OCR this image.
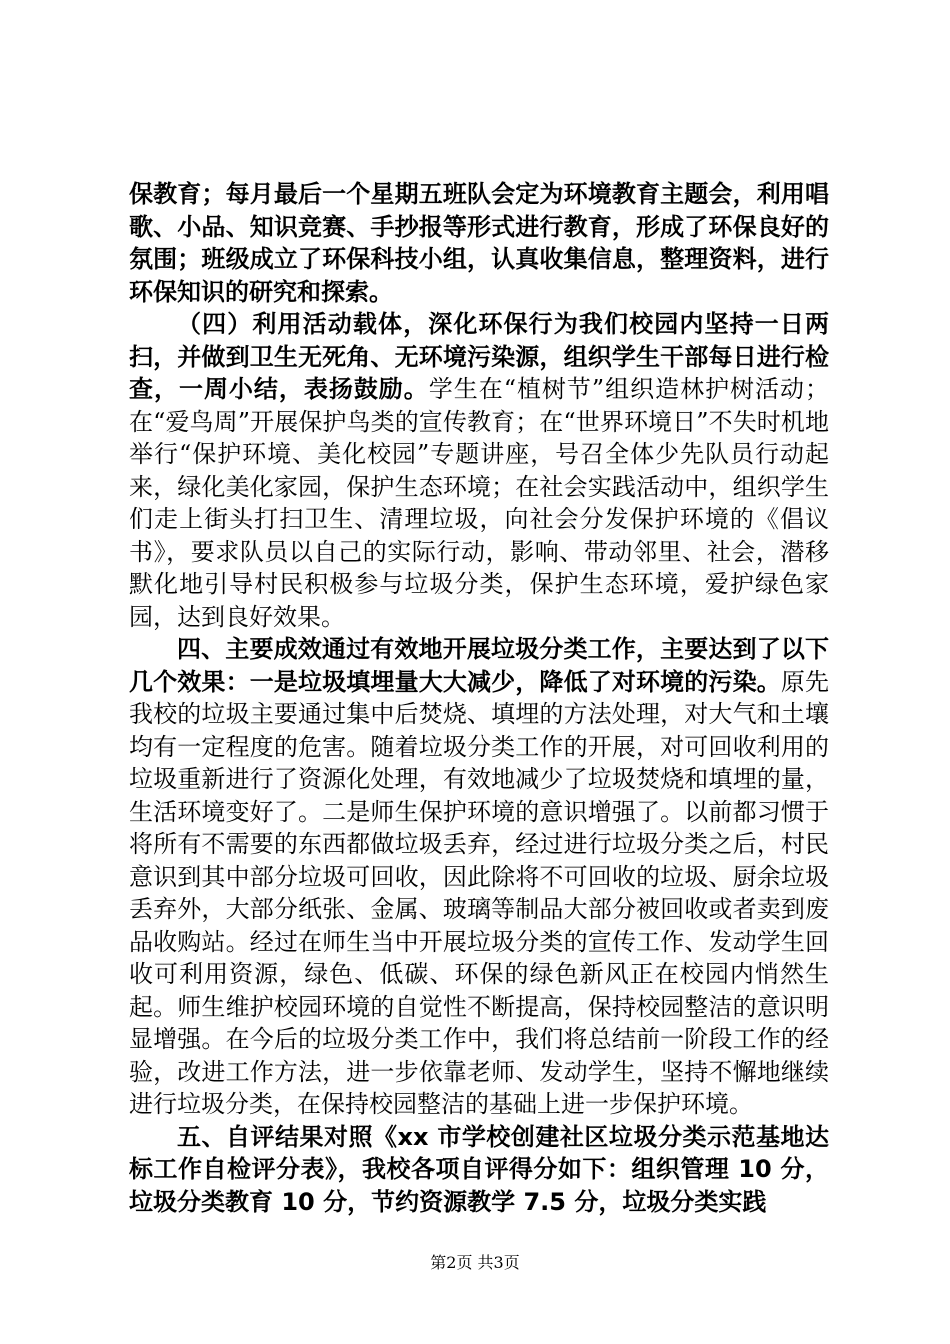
保教育；每月最后一个星期五班队会定为环境教育主题会，利用唱歌、小品、知识竞赛、手抄报等形式进行教育，形成了环保良好的氛围；班级成立了环保科技小组，认真收集信息，整理资料，进行环保知识的研究和探索。

（四）利用活动载体，深化环保行为我们校园内坚持一日两扫，并做到卫生无死角、无环境污染源，组织学生干部每日进行检查，一周小结，表扬鼓励。学生在“植树节”组织造林护树活动；在“爱鸟周”开展保护鸟类的宣传教育；在“世界环境日”不失时机地举行“保护环境、美化校园”专题讲座，号召全体少先队员行动起来，绿化美化家园，保护生态环境；在社会实践活动中，组织学生们走上街头打扫卫生、清理垃圾，向社会分发保护环境的《倡议书》，要求队员以自己的实际行动，影响、带动邻里、社会，潜移默化地引导村民积极参与垃圾分类，保护生态环境，爱护绿色家园，达到良好效果。

四、主要成效通过有效地开展垃圾分类工作，主要达到了以下几个效果：一是垃圾填埋量大大减少，降低了对环境的污染。原先我校的垃圾主要通过集中后焚烧、填埋的方法处理，对大气和土壤均有一定程度的危害。随着垃圾分类工作的开展，对可回收利用的垃圾重新进行了资源化处理，有效地减少了垃圾焚烧和填埋的量，生活环境变好了。二是师生保护环境的意识增强了。以前都习惯于将所有不需要的东西都做垃圾丢弃，经过进行垃圾分类之后，村民意识到其中部分垃圾可回收，因此除将不可回收的垃圾、厨余垃圾丢弃外，大部分纸张、金属、玻璃等制品大部分被回收或者卖到废品收购站。经过在师生当中开展垃圾分类的宣传工作、发动学生回收可利用资源，绿色、低碳、环保的绿色新风正在校园内悄然生起。师生维护校园环境的自觉性不断提高，保持校园整洁的意识明显增强。在今后的垃圾分类工作中，我们将总结前一阶段工作的经验，改进工作方法，进一步依靠老师、发动学生，坚持不懈地继续进行垃圾分类，在保持校园整洁的基础上进一步保护环境。

五、自评结果对照《xx 市学校创建社区垃圾分类示范基地达标工作自检评分表》，我校各项自评得分如下：组织管理 10 分，垃圾分类教育 10 分，节约资源教学 7.5 分，垃圾分类实践

第2页 共3页
